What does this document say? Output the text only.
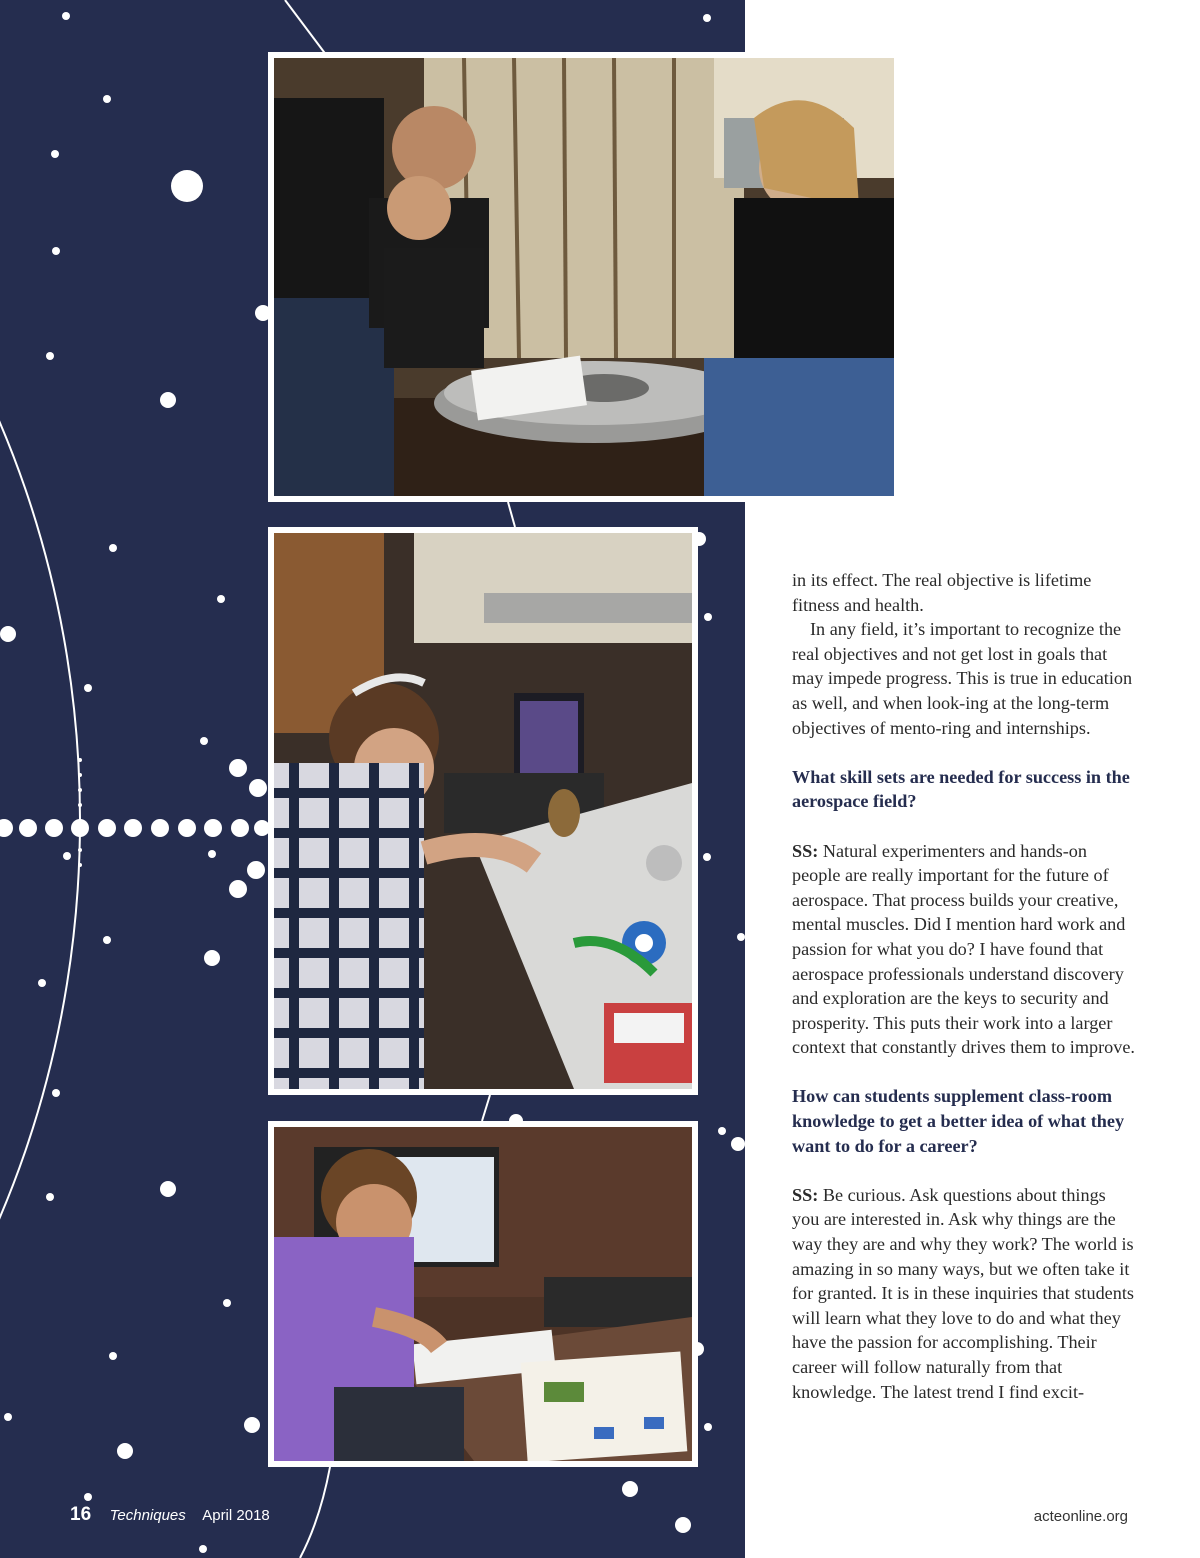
in its effect. The real objective is lifetime fitness and health.

In any field, it’s important to recognize the real objectives and not get lost in goals that may impede progress. This is true in education as well, and when look-ing at the long-term objectives of mento-ring and internships.

What skill sets are needed for success in the aerospace field?

SS: Natural experimenters and hands-on people are really important for the future of aerospace. That process builds your creative, mental muscles. Did I mention hard work and passion for what you do? I have found that aerospace professionals understand discovery and exploration are the keys to security and prosperity. This puts their work into a larger context that constantly drives them to improve.

How can students supplement class-room knowledge to get a better idea of what they want to do for a career?

SS: Be curious. Ask questions about things you are interested in. Ask why things are the way they are and why they work? The world is amazing in so many ways, but we often take it for granted. It is in these inquiries that students will learn what they love to do and what they have the passion for accomplishing. Their career will follow naturally from that knowledge. The latest trend I find excit-

16 Techniques April 2018	acteonline.org
